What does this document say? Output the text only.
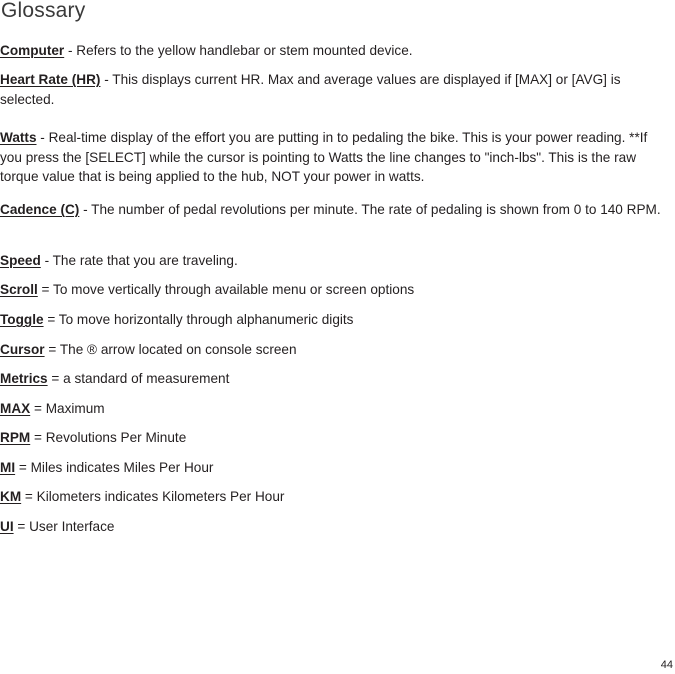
Glossary

Computer - Refers to the yellow handlebar or stem mounted device.

Heart Rate (HR) - This displays current HR. Max and average values are displayed if [MAX] or [AVG] is selected.

Watts - Real-time display of the effort you are putting in to pedaling the bike. This is your power reading. **If you press the [SELECT] while the cursor is pointing to Watts the line changes to "inch-lbs". This is the raw torque value that is being applied to the hub, NOT your power in watts.

Cadence (C) - The number of pedal revolutions per minute. The rate of pedaling is shown from 0 to 140 RPM.

Speed - The rate that you are traveling.

Scroll = To move vertically through available menu or screen options

Toggle = To move horizontally through alphanumeric digits

Cursor = The ® arrow located on console screen

Metrics = a standard of measurement

MAX = Maximum

RPM = Revolutions Per Minute

MI = Miles indicates Miles Per Hour

KM = Kilometers indicates Kilometers Per Hour

UI = User Interface

44
